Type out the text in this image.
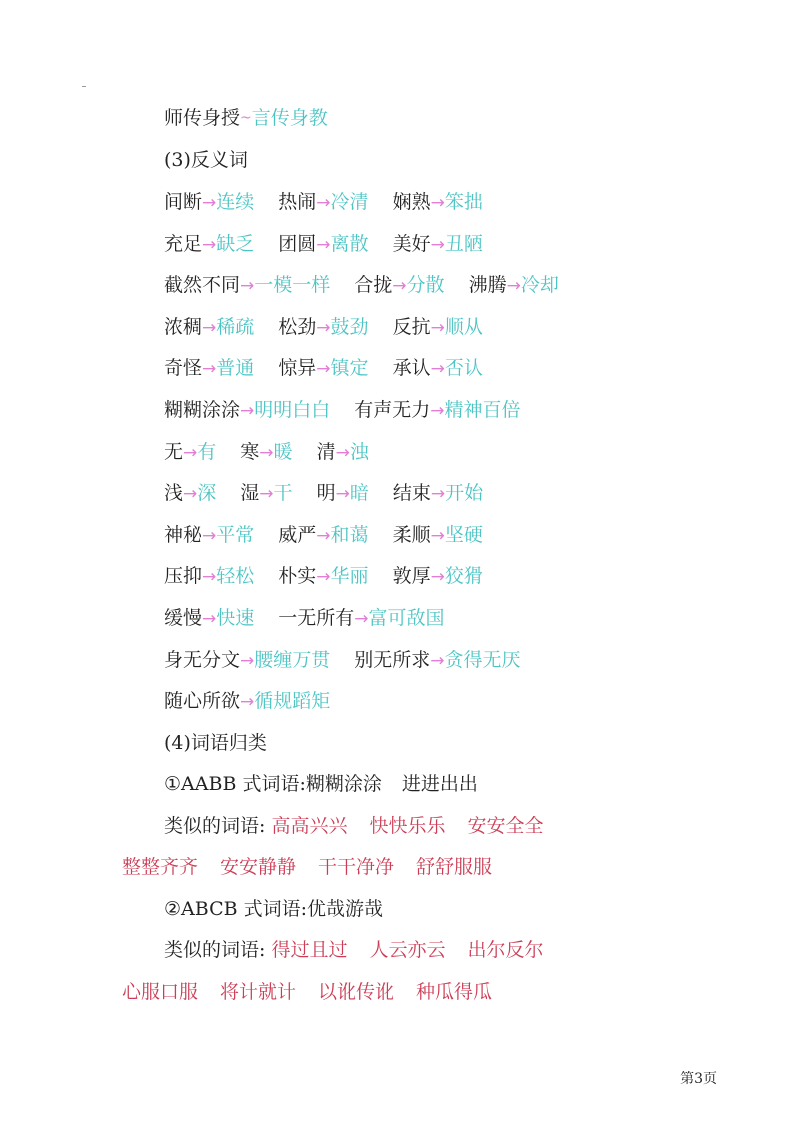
师传身授~言传身教
(3)反义词
间断→连续 热闹→冷清 娴熟→笨拙
充足→缺乏 团圆→离散 美好→丑陋
截然不同→一模一样 合拢→分散 沸腾→冷却
浓稠→稀疏 松劲→鼓劲 反抗→顺从
奇怪→普通 惊异→镇定 承认→否认
糊糊涂涂→明明白白 有声无力→精神百倍
无→有 寒→暖 清→浊
浅→深 湿→干 明→暗 结束→开始
神秘→平常 威严→和蔼 柔顺→坚硬
压抑→轻松 朴实→华丽 敦厚→狡猾
缓慢→快速 一无所有→富可敌国
身无分文→腰缠万贯 别无所求→贪得无厌
随心所欲→循规蹈矩
(4)词语归类
①AABB 式词语:糊糊涂涂 进进出出
类似的词语: 高高兴兴 快快乐乐 安安全全
整整齐齐 安安静静 干干净净 舒舒服服
②ABCB 式词语:优哉游哉
类似的词语: 得过且过 人云亦云 出尔反尔
心服口服 将计就计 以讹传讹 种瓜得瓜
第3页
